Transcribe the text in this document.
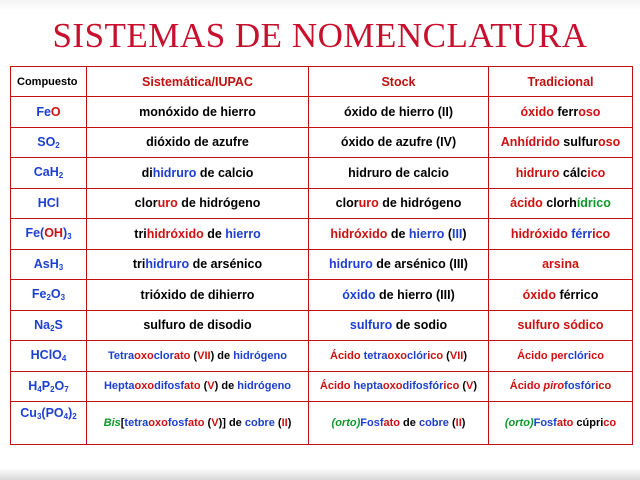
SISTEMAS DE NOMENCLATURA
Compuesto	Sistemática/IUPAC	Stock	Tradicional
FeO	monóxido de hierro	óxido de hierro (II)	óxido ferroso
$SO_2$	dióxido de azufre	óxido de azufre (IV)	Anhídrido sulfuroso
CaH$_2$	dihidruro de calcio	hidruro de calcio	hidruro cálcico
HCl	cloruro de hidrógeno	cloruro de hidrógeno	ácido clorhídrico
$Fe(OH)_3$	trihidróxido de hierro	hidróxido de hierro (III)	hidróxido férrico
AsH$_3$	trihidruro de arsénico	hidruro de arsénico (III)	arsina
$Fe_2O_3$	trióxido de dihierro	óxido de hierro (III)	óxido férrico
$Na_2S$	sulfuro de disodio	sulfuro de sodio	sulfuro sódico
HClO$_4$	Tetraoxoclorato (VII) de hidrógeno	Ácido tetraoxoclórico (VII)	Ácido perclórico
$H_4P_2O_7$	Heptaoxodifosfato (V) de hidrógeno	Ácido heptaoxodifosfórico (V)	Ácido pirofosfórico
$Cu_3(PO_4)_2$	Bis[tetraoxofosfato (V)] de cobre (II)	(orto)Fosfato de cobre (II)	(orto)Fosfato cúprico
